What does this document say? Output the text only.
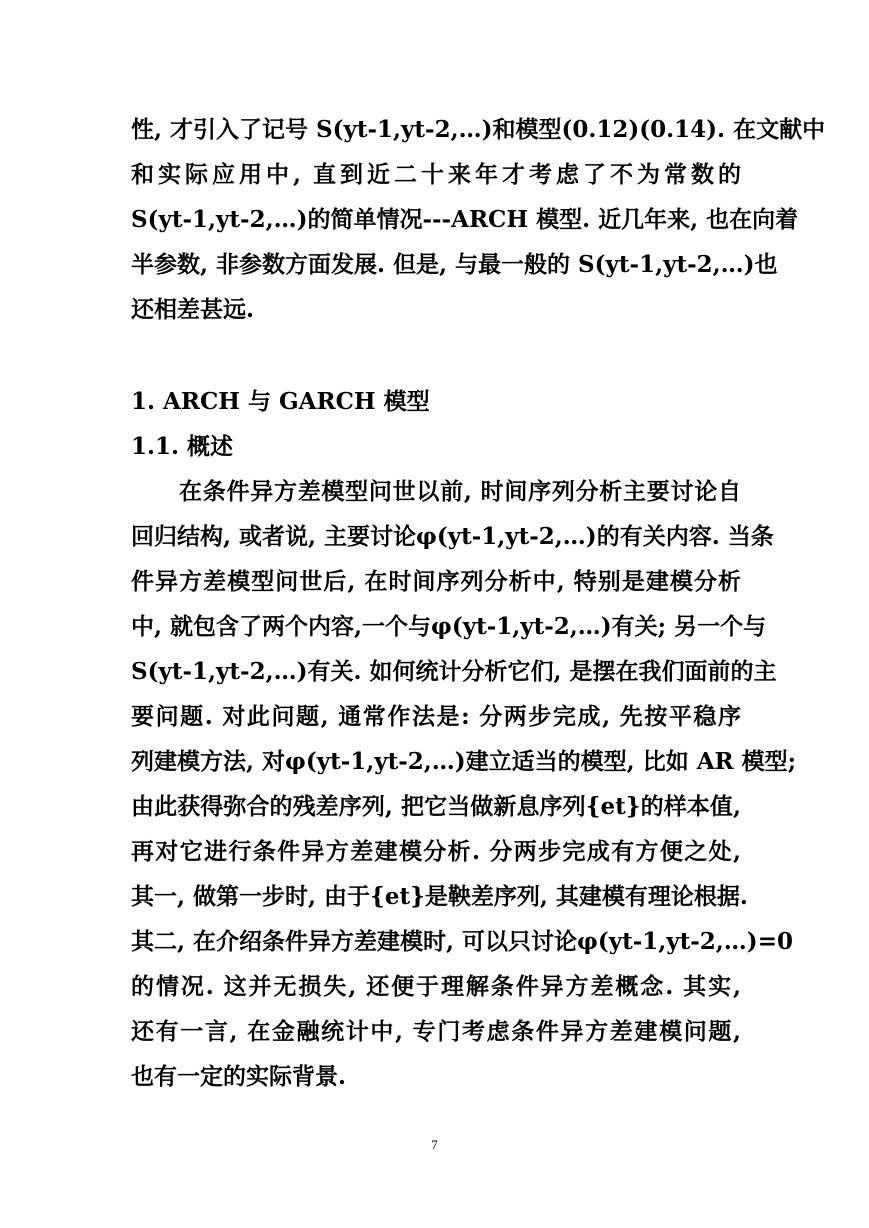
性, 才引入了记号 S(yt-1,yt-2,…)和模型(0.12)(0.14). 在文献中
和实际应用中, 直到近二十来年才考虑了不为常数的
S(yt-1,yt-2,…)的简单情况---ARCH 模型. 近几年来, 也在向着
半参数, 非参数方面发展. 但是, 与最一般的 S(yt-1,yt-2,…)也
还相差甚远.
1. ARCH 与 GARCH 模型
1.1. 概述
在条件异方差模型问世以前, 时间序列分析主要讨论自
回归结构, 或者说, 主要讨论φ(yt-1,yt-2,…)的有关内容. 当条
件异方差模型问世后, 在时间序列分析中, 特别是建模分析
中, 就包含了两个内容,一个与φ(yt-1,yt-2,…)有关; 另一个与
S(yt-1,yt-2,…)有关. 如何统计分析它们, 是摆在我们面前的主
要问题. 对此问题, 通常作法是: 分两步完成, 先按平稳序
列建模方法, 对φ(yt-1,yt-2,…)建立适当的模型, 比如 AR 模型;
由此获得弥合的残差序列, 把它当做新息序列{et}的样本值,
再对它进行条件异方差建模分析. 分两步完成有方便之处,
其一, 做第一步时, 由于{et}是鞅差序列, 其建模有理论根据.
其二, 在介绍条件异方差建模时, 可以只讨论φ(yt-1,yt-2,…)=0
的情况. 这并无损失, 还便于理解条件异方差概念. 其实,
还有一言, 在金融统计中, 专门考虑条件异方差建模问题,
也有一定的实际背景.
7
